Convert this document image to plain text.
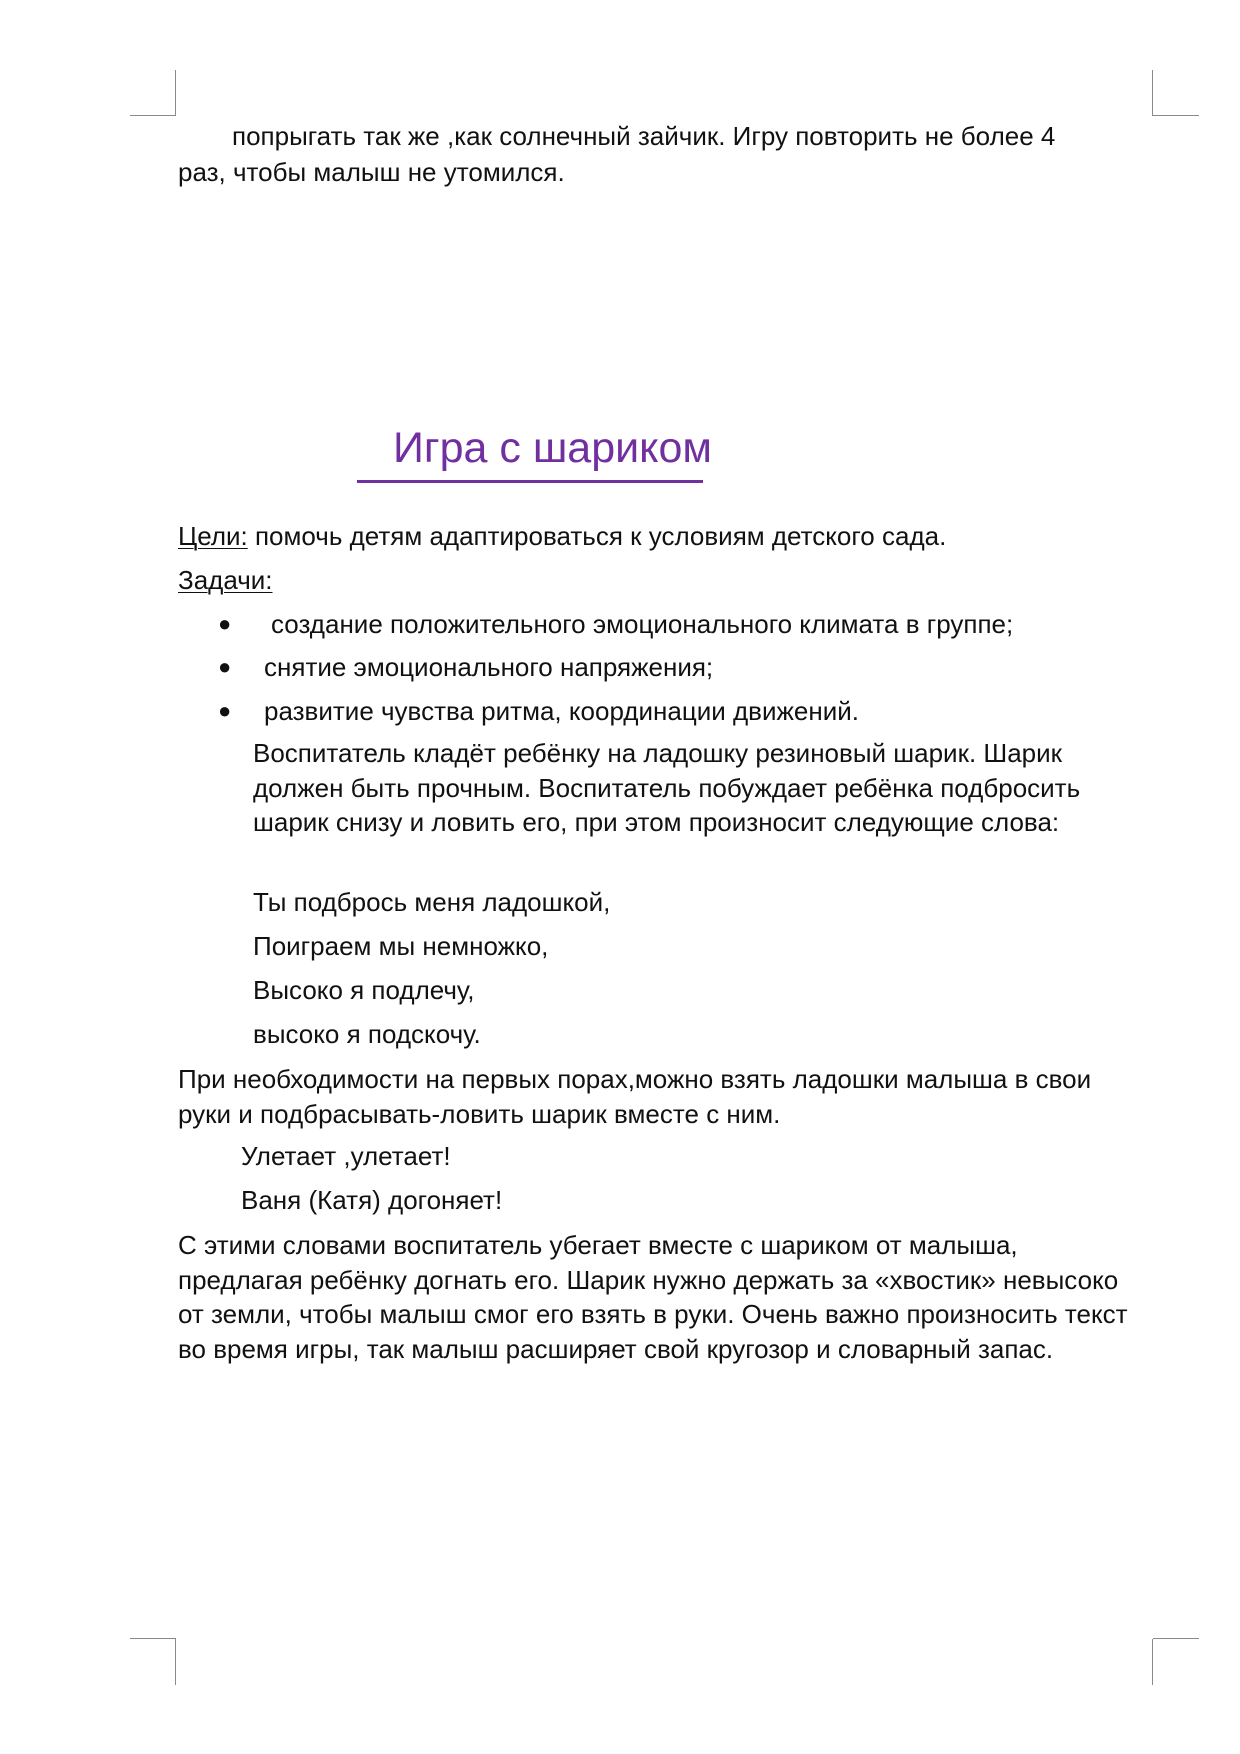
попрыгать так же ,как солнечный зайчик. Игру повторить не более 4

раз, чтобы малыш не утомился.

Игра с шариком

Цели: помочь детям адаптироваться к условиям детского сада.

Задачи:

● создание положительного эмоционального климата в группе;
● снятие эмоционального напряжения;
● развитие чувства ритма, координации движений.

Воспитатель кладёт ребёнку на ладошку резиновый шарик. Шарик должен быть прочным. Воспитатель побуждает ребёнка подбросить шарик снизу и ловить его, при этом произносит следующие слова:

Ты подбрось меня ладошкой,
Поиграем мы немножко,
Высоко я подлечу,
высоко я подскочу.

При необходимости на первых порах,можно взять ладошки малыша в свои руки и подбрасывать-ловить шарик вместе с ним.

Улетает ,улетает!
Ваня (Катя) догоняет!

С этими словами воспитатель убегает вместе с шариком от малыша, предлагая ребёнку догнать его. Шарик нужно держать за «хвостик» невысоко от земли, чтобы малыш смог его взять в руки. Очень важно произносить текст во время игры, так малыш расширяет свой кругозор и словарный запас.
